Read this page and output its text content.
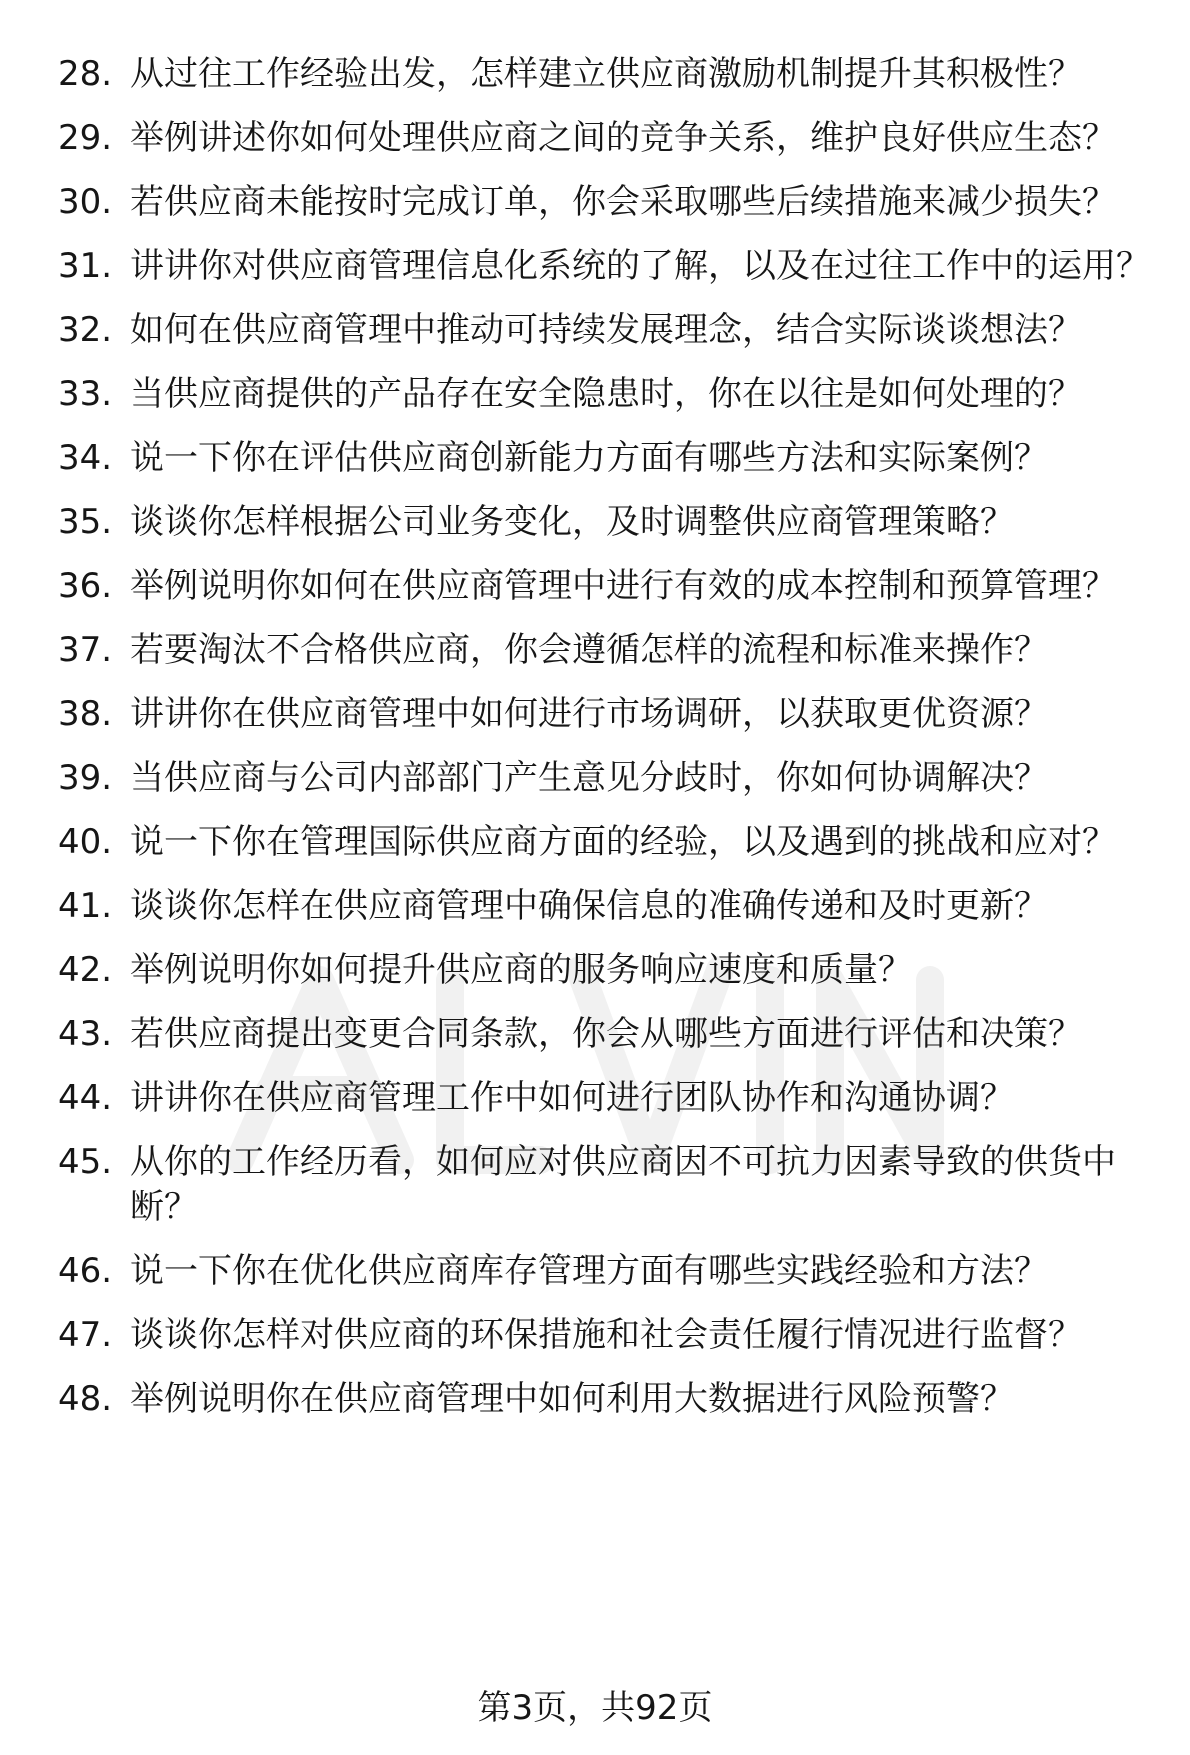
28. 从过往工作经验出发，怎样建立供应商激励机制提升其积极性？
29. 举例讲述你如何处理供应商之间的竞争关系，维护良好供应生态？
30. 若供应商未能按时完成订单，你会采取哪些后续措施来减少损失？
31. 讲讲你对供应商管理信息化系统的了解，以及在过往工作中的运用？
32. 如何在供应商管理中推动可持续发展理念，结合实际谈谈想法？
33. 当供应商提供的产品存在安全隐患时，你在以往是如何处理的？
34. 说一下你在评估供应商创新能力方面有哪些方法和实际案例？
35. 谈谈你怎样根据公司业务变化，及时调整供应商管理策略？
36. 举例说明你如何在供应商管理中进行有效的成本控制和预算管理？
37. 若要淘汰不合格供应商，你会遵循怎样的流程和标准来操作？
38. 讲讲你在供应商管理中如何进行市场调研，以获取更优资源？
39. 当供应商与公司内部部门产生意见分歧时，你如何协调解决？
40. 说一下你在管理国际供应商方面的经验，以及遇到的挑战和应对？
41. 谈谈你怎样在供应商管理中确保信息的准确传递和及时更新？
42. 举例说明你如何提升供应商的服务响应速度和质量？
43. 若供应商提出变更合同条款，你会从哪些方面进行评估和决策？
44. 讲讲你在供应商管理工作中如何进行团队协作和沟通协调？
45. 从你的工作经历看，如何应对供应商因不可抗力因素导致的供货中断？
46. 说一下你在优化供应商库存管理方面有哪些实践经验和方法？
47. 谈谈你怎样对供应商的环保措施和社会责任履行情况进行监督？
48. 举例说明你在供应商管理中如何利用大数据进行风险预警？
第3页，共92页
